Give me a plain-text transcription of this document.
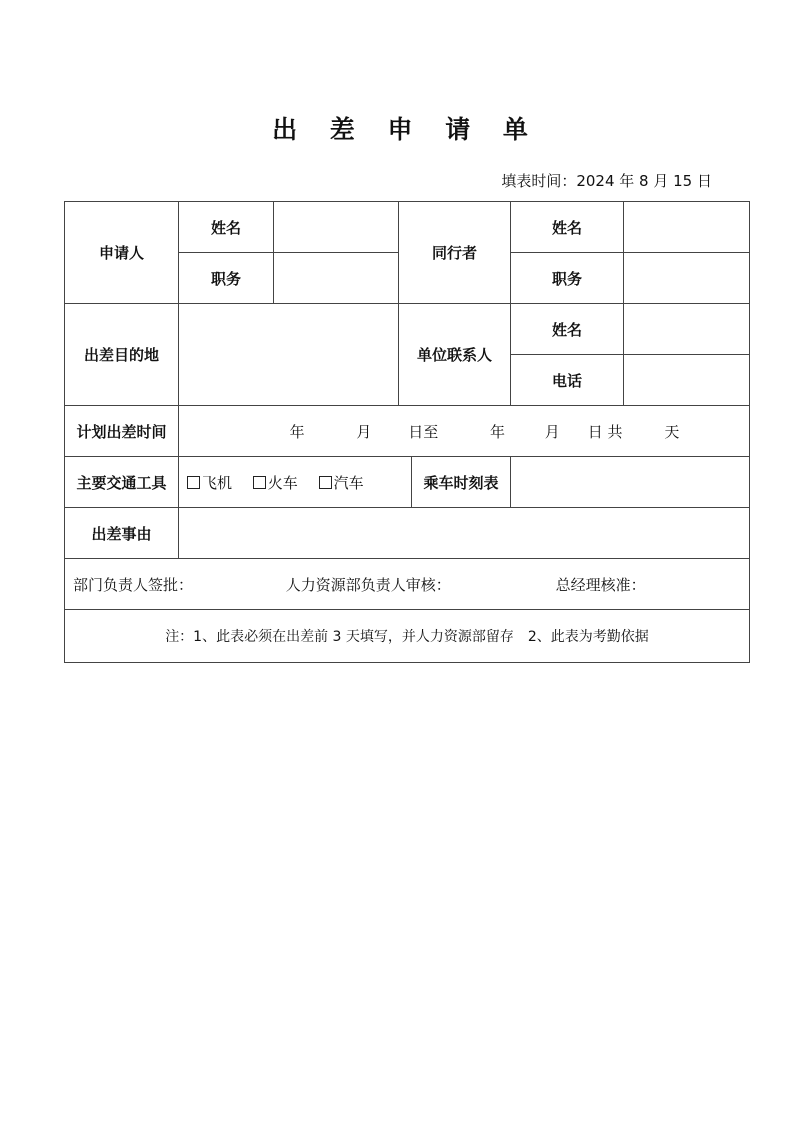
出 差 申 请 单
填表时间：2024 年 8 月 15 日
申请人	姓名		同行者		姓名	
	职务				职务	
出差目的地			单位联系人		姓名	
					电话	
计划出差时间	年 月 日至 年 月 日 共 天					
主要交通工具	飞机 火车 汽车			乘车时刻表		
出差事由						
部门负责人签批： 人力资源部负责人审核： 总经理核准：						
注：1、此表必须在出差前 3 天填写，并人力资源部留存　2、此表为考勤依据						
